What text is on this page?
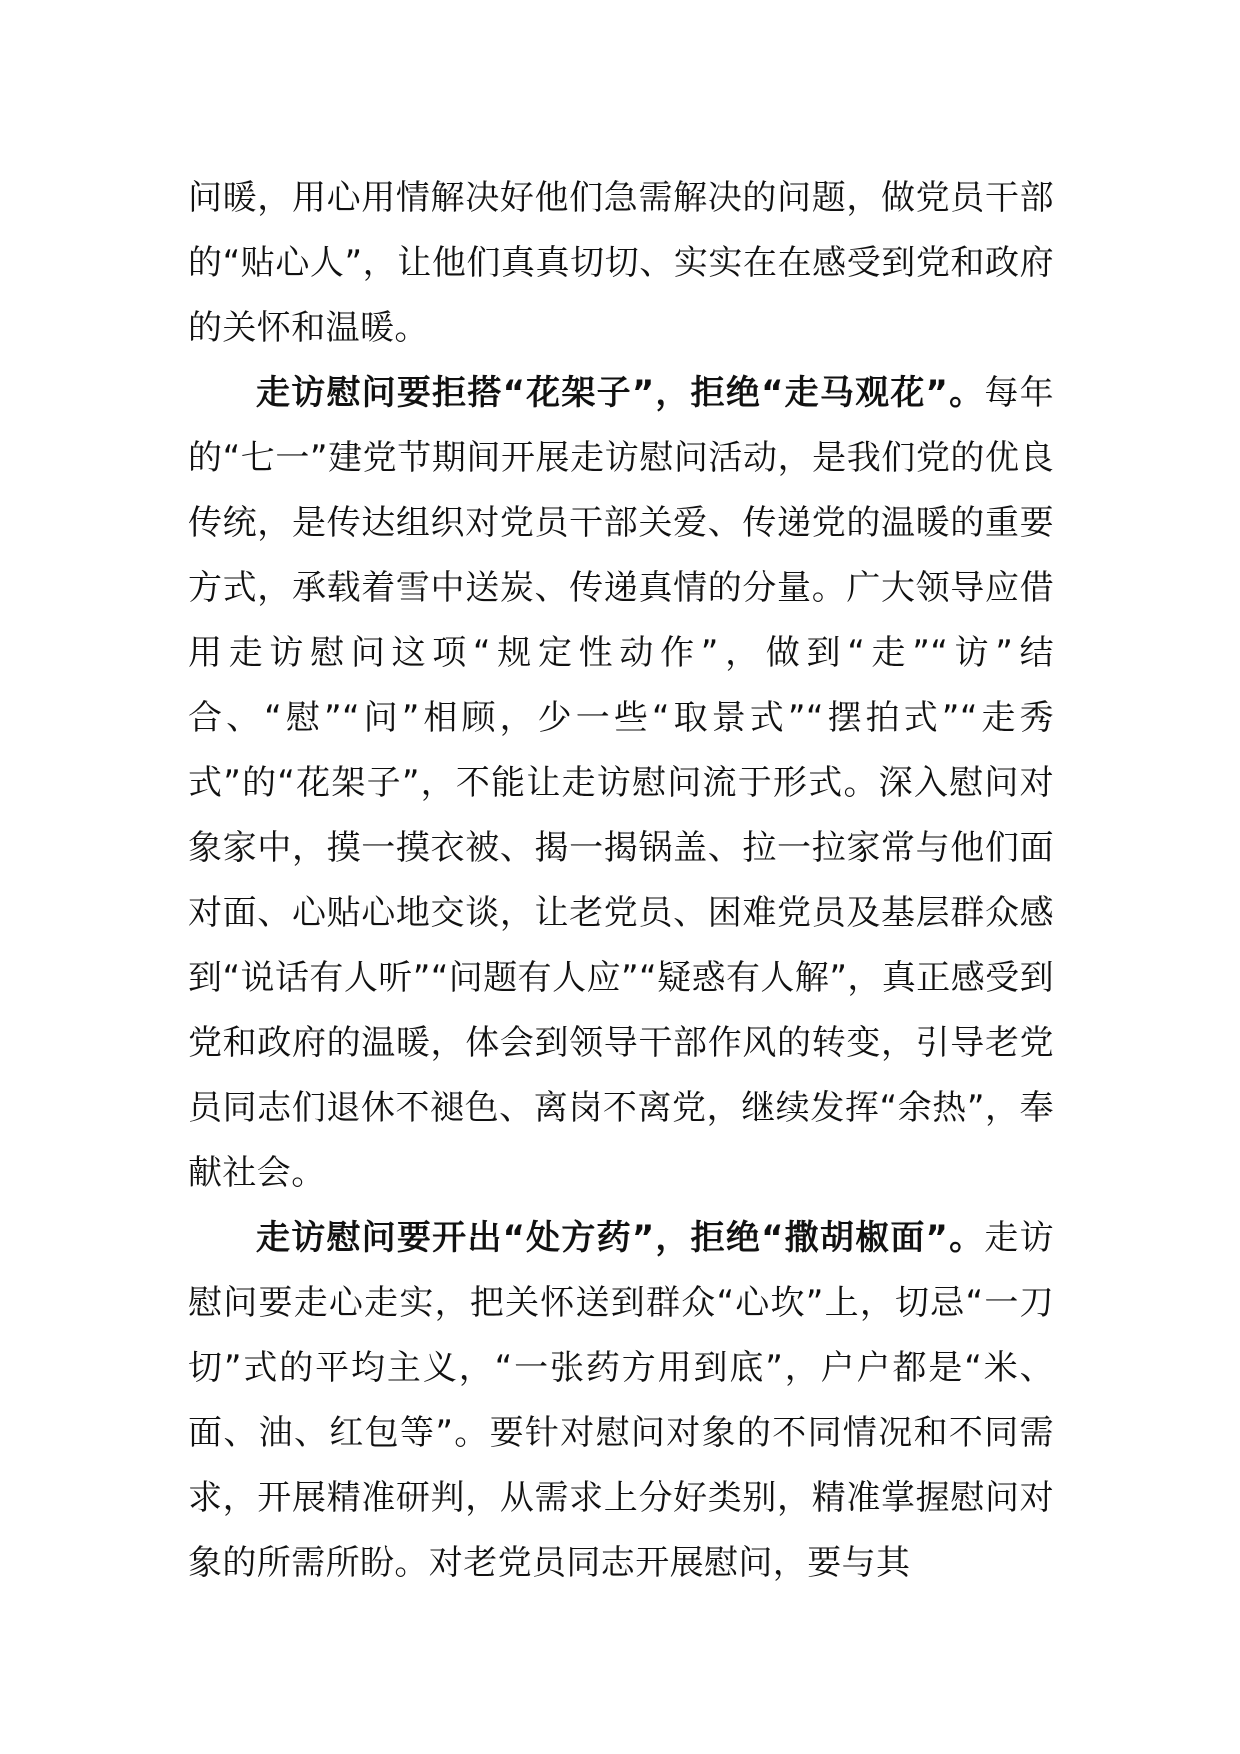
问暖，用心用情解决好他们急需解决的问题，做党员干部的“贴心人”，让他们真真切切、实实在在感受到党和政府的关怀和温暖。

走访慰问要拒搭“花架子”，拒绝“走马观花”。每年的“七一”建党节期间开展走访慰问活动，是我们党的优良传统，是传达组织对党员干部关爱、传递党的温暖的重要方式，承载着雪中送炭、传递真情的分量。广大领导应借用走访慰问这项“规定性动作”，做到“走”“访”结合、“慰”“问”相顾，少一些“取景式”“摆拍式”“走秀式”的“花架子”，不能让走访慰问流于形式。深入慰问对象家中，摸一摸衣被、揭一揭锅盖、拉一拉家常与他们面对面、心贴心地交谈，让老党员、困难党员及基层群众感到“说话有人听”“问题有人应”“疑惑有人解”，真正感受到党和政府的温暖，体会到领导干部作风的转变，引导老党员同志们退休不褪色、离岗不离党，继续发挥“余热”，奉献社会。

走访慰问要开出“处方药”，拒绝“撒胡椒面”。走访慰问要走心走实，把关怀送到群众“心坎”上，切忌“一刀切”式的平均主义，“一张药方用到底”，户户都是“米、面、油、红包等”。要针对慰问对象的不同情况和不同需求，开展精准研判，从需求上分好类别，精准掌握慰问对象的所需所盼。对老党员同志开展慰问，要与其
